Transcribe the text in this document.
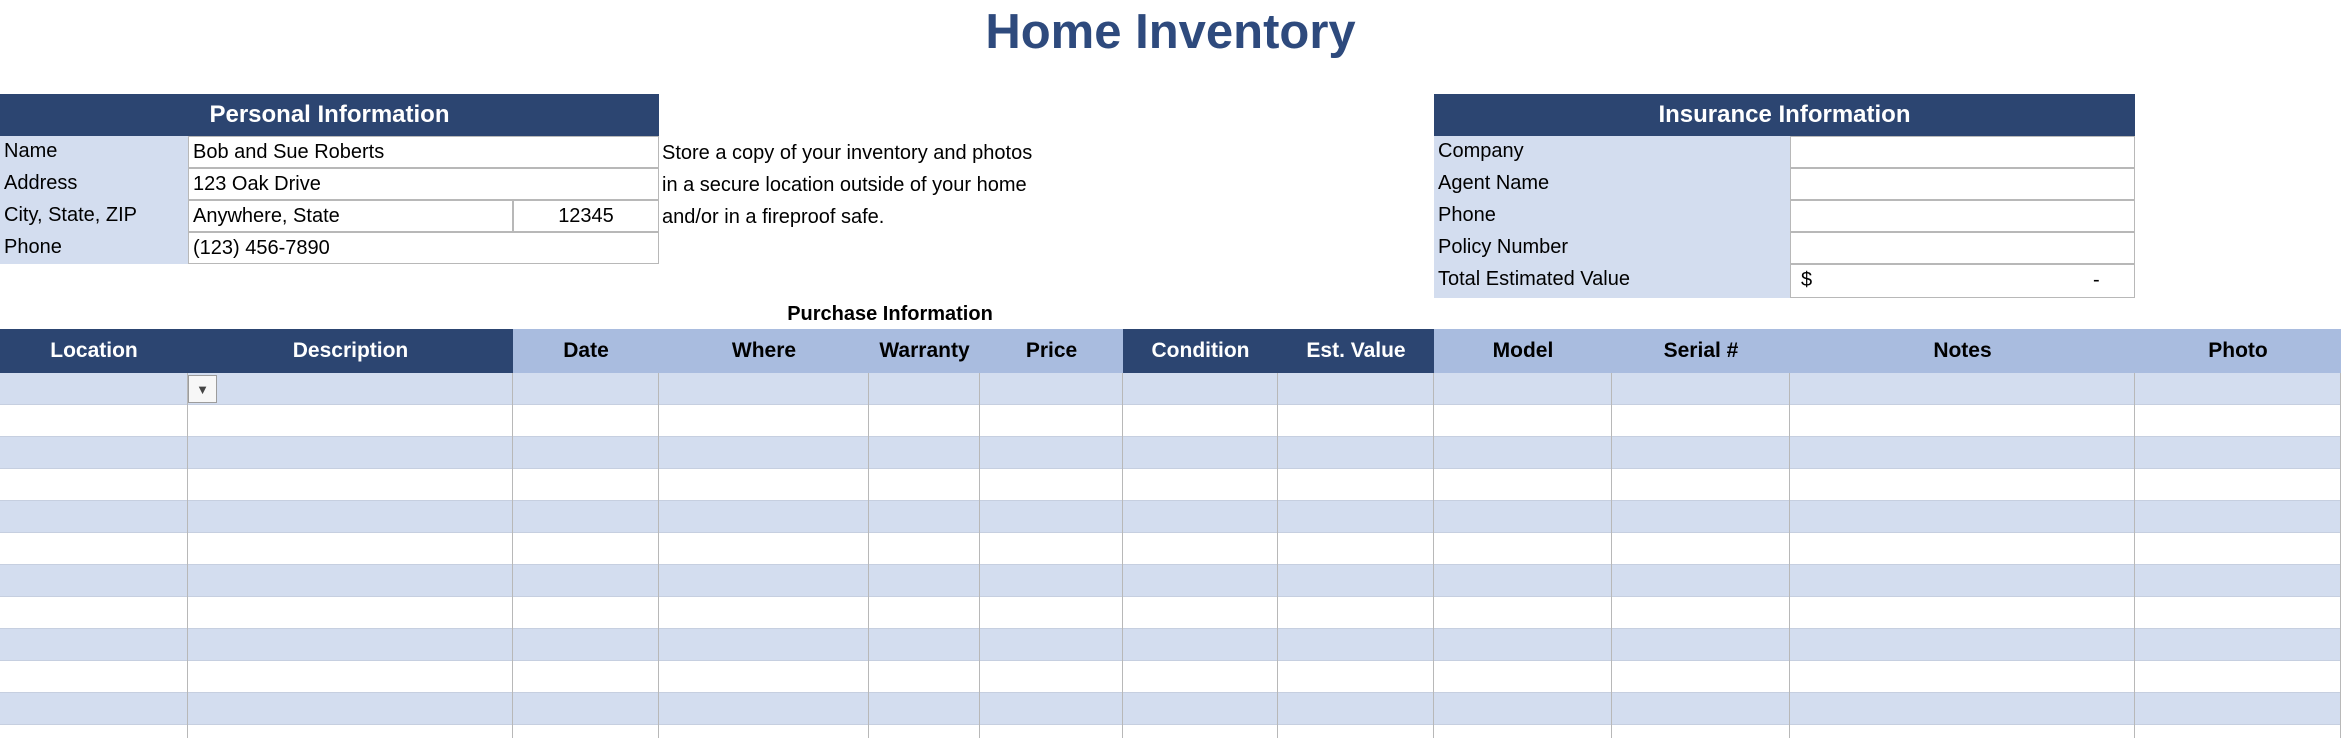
Home Inventory
Personal Information
Name	Bob and Sue Roberts
Address	123 Oak Drive
City, State, ZIP	Anywhere, State	12345
Phone	(123) 456-7890
Store a copy of your inventory and photos
in a secure location outside of your home
and/or in a fireproof safe.
Insurance Information
Company
Agent Name
Phone
Policy Number
Total Estimated Value	$	-
Purchase Information
Location	Description	Date	Where	Warranty	Price	Condition	Est. Value	Model	Serial #	Notes	Photo
▼
